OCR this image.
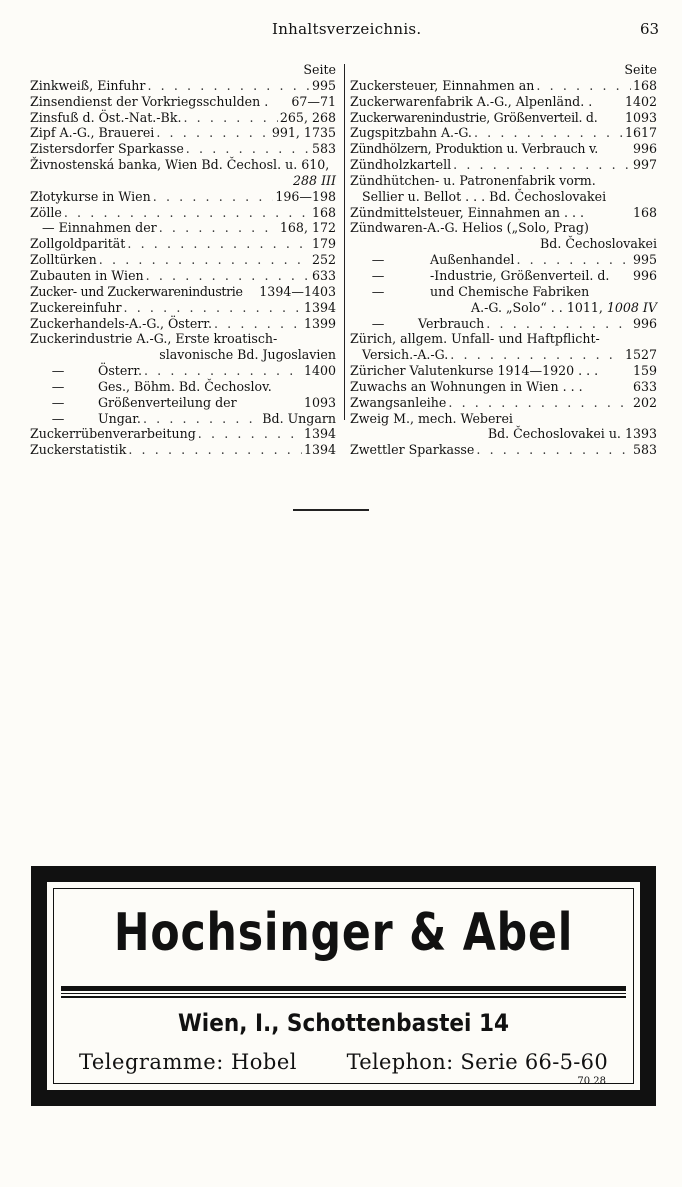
Inhaltsverzeichnis.	63
Seite
Zinkweiß, Einfuhr . . .	995
Zinsendienst der Vorkriegsschulden . 67—71
Zinsfuß d. Öst.-Nat.-Bk. . . .	265, 268
Zipf A.-G., Brauerei . . .	991, 1735
Zistersdorfer Sparkasse . . .	583
Živnostenská banka, Wien Bd. Čechosl. u. 610,
288 III
Złotykurse in Wien . . .	196—198
Zölle . . .	168
— Einnahmen der . . .	168, 172
Zollgoldparität . . .	179
Zolltürken . . .	252
Zubauten in Wien . . .	633
Zucker- und Zuckerwarenindustrie 1394—1403
Zuckereinfuhr . . .	1394
Zuckerhandels-A.-G., Österr. . . .	1399
Zuckerindustrie A.-G., Erste kroatisch-
slavonische Bd. Jugoslavien
—	Österr. . . .	1400
—	Ges., Böhm. Bd. Čechoslov.
—	Größenverteilung der	1093
—	Ungar. . . .	Bd. Ungarn
Zuckerrübenverarbeitung . . .	1394
Zuckerstatistik . . .	1394
Seite
Zuckersteuer, Einnahmen an . . .	168
Zuckerwarenfabrik A.-G., Alpenländ. .	1402
Zuckerwarenindustrie, Größenverteil. d. 1093
Zugspitzbahn A.-G. . . .	1617
Zündhölzern, Produktion u. Verbrauch v.	996
Zündholzkartell . . .	997
Zündhütchen- u. Patronenfabrik vorm.
Sellier u. Bellot . . . Bd. Čechoslovakei
Zündmittelsteuer, Einnahmen an . . .	168
Zündwaren-A.-G. Helios („Solo, Prag)
Bd. Čechoslovakei
—	Außenhandel . . .	995
—	-Industrie, Größenverteil. d. 996
—	und Chemische Fabriken
A.-G. „Solo“ . . 1011, 1008 IV
—	Verbrauch . . .	996
Zürich, allgem. Unfall- und Haftpflicht-
Versich.-A.-G. . . .	1527
Züricher Valutenkurse 1914—1920 . . .	159
Zuwachs an Wohnungen in Wien . . .	633
Zwangsanleihe . . .	202
Zweig M., mech. Weberei
Bd. Čechoslovakei u. 1393
Zwettler Sparkasse . . .	583
Hochsinger & Abel
Wien, I., Schottenbastei 14
Telegramme: Hobel Telephon: Serie 66-5-60
70 28
